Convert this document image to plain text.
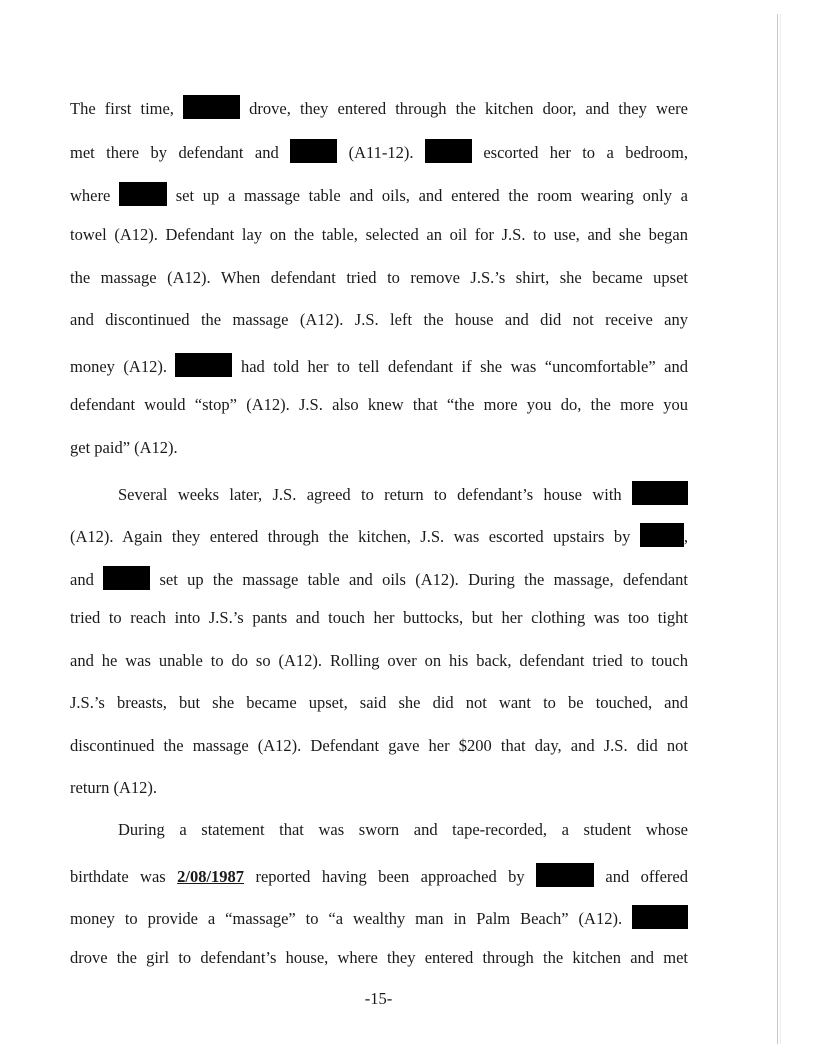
The first time,	drove, they entered through the kitchen door, and they were
met there by defendant and	(A11-12).	escorted her to a bedroom,
where	set up a massage table and oils, and entered the room wearing only a
towel (A12). Defendant lay on the table, selected an oil for J.S. to use, and she began
the massage (A12). When defendant tried to remove J.S.’s shirt, she became upset
and discontinued the massage (A12). J.S. left the house and did not receive any
money (A12).	had told her to tell defendant if she was “uncomfortable” and
defendant would “stop” (A12). J.S. also knew that “the more you do, the more you
get paid” (A12).
Several weeks later, J.S. agreed to return to defendant’s house with
(A12). Again they entered through the kitchen, J.S. was escorted upstairs by	,
and	set up the massage table and oils (A12). During the massage, defendant
tried to reach into J.S.’s pants and touch her buttocks, but her clothing was too tight
and he was unable to do so (A12). Rolling over on his back, defendant tried to touch
J.S.’s breasts, but she became upset, said she did not want to be touched, and
discontinued the massage (A12). Defendant gave her $200 that day, and J.S. did not
return (A12).
During a statement that was sworn and tape-recorded, a student whose
birthdate was 2/08/1987 reported having been approached by	and offered
money to provide a “massage” to “a wealthy man in Palm Beach” (A12).
drove the girl to defendant’s house, where they entered through the kitchen and met
-15-
